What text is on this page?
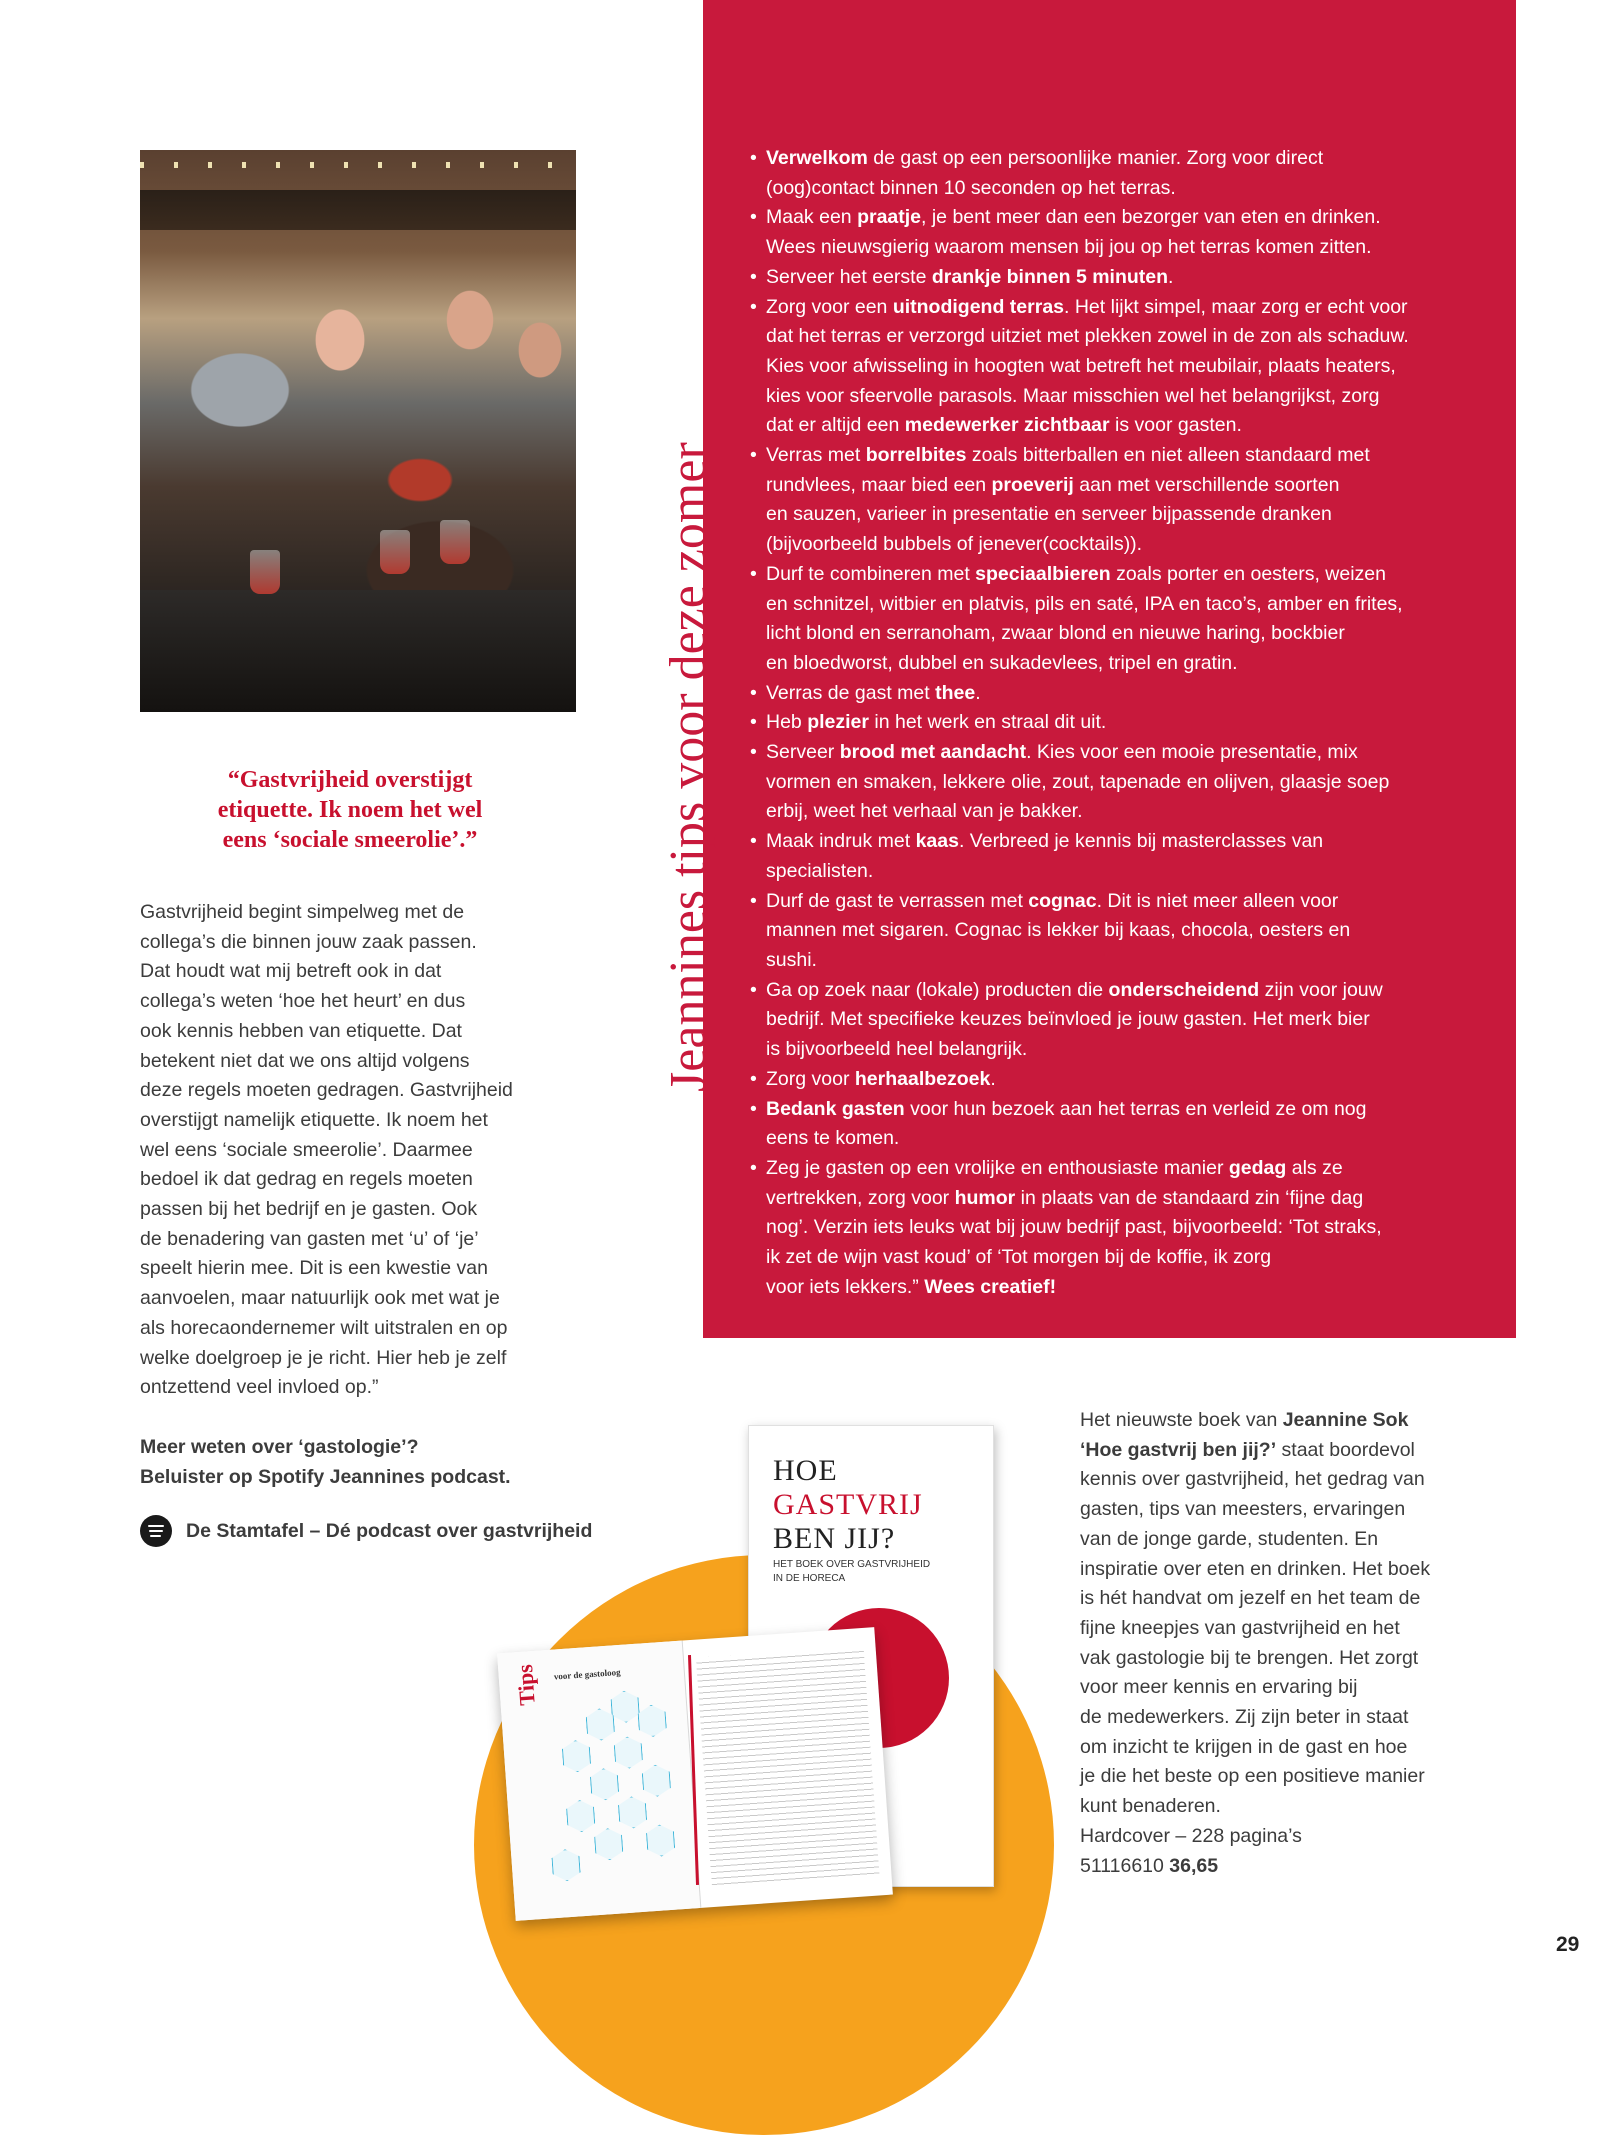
“Gastvrijheid overstijgt
etiquette. Ik noem het wel
eens ‘sociale smeerolie’.”
Gastvrijheid begint simpelweg met de
collega’s die binnen jouw zaak passen.
Dat houdt wat mij betreft ook in dat
collega’s weten ‘hoe het heurt’ en dus
ook kennis hebben van etiquette. Dat
betekent niet dat we ons altijd volgens
deze regels moeten gedragen. Gastvrijheid
overstijgt namelijk etiquette. Ik noem het
wel eens ‘sociale smeerolie’. Daarmee
bedoel ik dat gedrag en regels moeten
passen bij het bedrijf en je gasten. Ook
de benadering van gasten met ‘u’ of ‘je’
speelt hierin mee. Dit is een kwestie van
aanvoelen, maar natuurlijk ook met wat je
als horecaondernemer wilt uitstralen en op
welke doelgroep je je richt. Hier heb je zelf
ontzettend veel invloed op.”
Meer weten over ‘gastologie’?
Beluister op Spotify Jeannines podcast.
De Stamtafel – Dé podcast over gastvrijheid
Jeannines tips voor deze zomer
• Verwelkom de gast op een persoonlijke manier. Zorg voor direct
(oog)contact binnen 10 seconden op het terras.
• Maak een praatje, je bent meer dan een bezorger van eten en drinken.
Wees nieuwsgierig waarom mensen bij jou op het terras komen zitten.
• Serveer het eerste drankje binnen 5 minuten.
• Zorg voor een uitnodigend terras. Het lijkt simpel, maar zorg er echt voor
dat het terras er verzorgd uitziet met plekken zowel in de zon als schaduw.
Kies voor afwisseling in hoogten wat betreft het meubilair, plaats heaters,
kies voor sfeervolle parasols. Maar misschien wel het belangrijkst, zorg
dat er altijd een medewerker zichtbaar is voor gasten.
• Verras met borrelbites zoals bitterballen en niet alleen standaard met
rundvlees, maar bied een proeverij aan met verschillende soorten
en sauzen, varieer in presentatie en serveer bijpassende dranken
(bijvoorbeeld bubbels of jenever(cocktails)).
• Durf te combineren met speciaalbieren zoals porter en oesters, weizen
en schnitzel, witbier en platvis, pils en saté, IPA en taco’s, amber en frites,
licht blond en serranoham, zwaar blond en nieuwe haring, bockbier
en bloedworst, dubbel en sukadevlees, tripel en gratin.
• Verras de gast met thee.
• Heb plezier in het werk en straal dit uit.
• Serveer brood met aandacht. Kies voor een mooie presentatie, mix
vormen en smaken, lekkere olie, zout, tapenade en olijven, glaasje soep
erbij, weet het verhaal van je bakker.
• Maak indruk met kaas. Verbreed je kennis bij masterclasses van
specialisten.
• Durf de gast te verrassen met cognac. Dit is niet meer alleen voor
mannen met sigaren. Cognac is lekker bij kaas, chocola, oesters en
sushi.
• Ga op zoek naar (lokale) producten die onderscheidend zijn voor jouw
bedrijf. Met specifieke keuzes beïnvloed je jouw gasten. Het merk bier
is bijvoorbeeld heel belangrijk.
• Zorg voor herhaalbezoek.
• Bedank gasten voor hun bezoek aan het terras en verleid ze om nog
eens te komen.
• Zeg je gasten op een vrolijke en enthousiaste manier gedag als ze
vertrekken, zorg voor humor in plaats van de standaard zin ‘fijne dag
nog’. Verzin iets leuks wat bij jouw bedrijf past, bijvoorbeeld: ‘Tot straks,
ik zet de wijn vast koud’ of ‘Tot morgen bij de koffie, ik zorg
voor iets lekkers.” Wees creatief!
HOE
GASTVRIJ
BEN JIJ?
HET BOEK OVER GASTVRIJHEID
IN DE HORECA
Tips voor de gastoloog
Het nieuwste boek van Jeannine Sok
‘Hoe gastvrij ben jij?’ staat boordevol
kennis over gastvrijheid, het gedrag van
gasten, tips van meesters, ervaringen
van de jonge garde, studenten. En
inspiratie over eten en drinken. Het boek
is hét handvat om jezelf en het team de
fijne kneepjes van gastvrijheid en het
vak gastologie bij te brengen. Het zorgt
voor meer kennis en ervaring bij
de medewerkers. Zij zijn beter in staat
om inzicht te krijgen in de gast en hoe
je die het beste op een positieve manier
kunt benaderen.
Hardcover – 228 pagina’s
51116610 36,65
29
